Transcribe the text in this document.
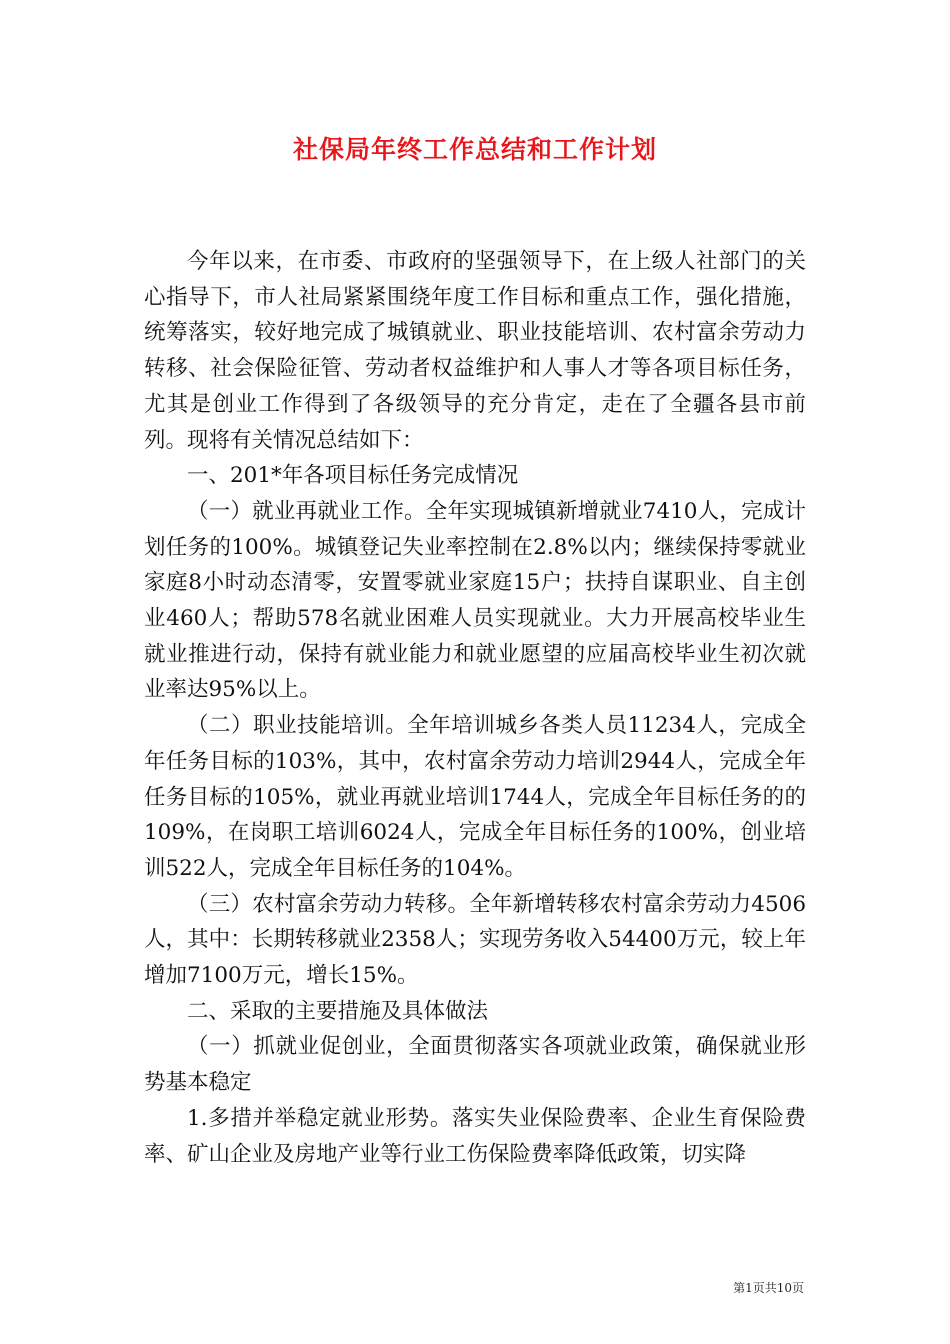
社保局年终工作总结和工作计划

今年以来，在市委、市政府的坚强领导下，在上级人社部门的关心指导下，市人社局紧紧围绕年度工作目标和重点工作，强化措施，统筹落实，较好地完成了城镇就业、职业技能培训、农村富余劳动力转移、社会保险征管、劳动者权益维护和人事人才等各项目标任务，尤其是创业工作得到了各级领导的充分肯定，走在了全疆各县市前列。现将有关情况总结如下：

一、201*年各项目标任务完成情况

（一）就业再就业工作。全年实现城镇新增就业7410人，完成计划任务的100%。城镇登记失业率控制在2.8%以内；继续保持零就业家庭8小时动态清零，安置零就业家庭15户；扶持自谋职业、自主创业460人；帮助578名就业困难人员实现就业。大力开展高校毕业生就业推进行动，保持有就业能力和就业愿望的应届高校毕业生初次就业率达95%以上。

（二）职业技能培训。全年培训城乡各类人员11234人，完成全年任务目标的103%，其中，农村富余劳动力培训2944人，完成全年任务目标的105%，就业再就业培训1744人，完成全年目标任务的的109%，在岗职工培训6024人，完成全年目标任务的100%，创业培训522人，完成全年目标任务的104%。

（三）农村富余劳动力转移。全年新增转移农村富余劳动力4506人，其中：长期转移就业2358人；实现劳务收入54400万元，较上年增加7100万元，增长15%。

二、采取的主要措施及具体做法

（一）抓就业促创业，全面贯彻落实各项就业政策，确保就业形势基本稳定

1.多措并举稳定就业形势。落实失业保险费率、企业生育保险费率、矿山企业及房地产业等行业工伤保险费率降低政策，切实降

第1页共10页
